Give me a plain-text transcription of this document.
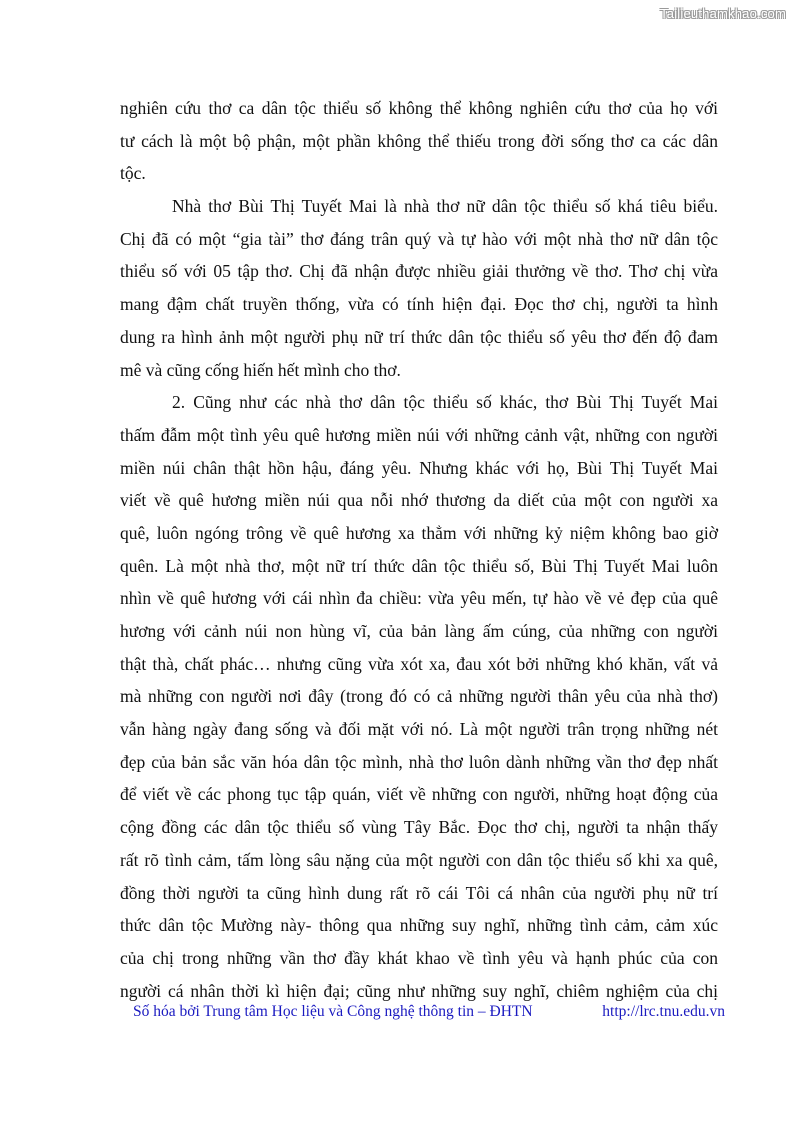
Tailieuthamkhao.com
nghiên cứu thơ ca dân tộc thiểu số không thể không nghiên cứu thơ của họ với
tư cách là một bộ phận, một phần không thể thiếu trong đời sống thơ ca các dân
tộc.
Nhà thơ Bùi Thị Tuyết Mai là nhà thơ nữ dân tộc thiểu số khá tiêu biểu.
Chị đã có một “gia tài” thơ đáng trân quý và tự hào với một nhà thơ nữ dân tộc
thiểu số với 05 tập thơ. Chị đã nhận được nhiều giải thưởng về thơ. Thơ chị vừa
mang đậm chất truyền thống, vừa có tính hiện đại. Đọc thơ chị, người ta hình
dung ra hình ảnh một người phụ nữ trí thức dân tộc thiểu số yêu thơ đến độ đam
mê và cũng cống hiến hết mình cho thơ.
2. Cũng như các nhà thơ dân tộc thiểu số khác, thơ Bùi Thị Tuyết Mai
thấm đẫm một tình yêu quê hương miền núi với những cảnh vật, những con người
miền núi chân thật hồn hậu, đáng yêu. Nhưng khác với họ, Bùi Thị Tuyết Mai
viết về quê hương miền núi qua nỗi nhớ thương da diết của một con người xa
quê, luôn ngóng trông về quê hương xa thẳm với những kỷ niệm không bao giờ
quên. Là một nhà thơ, một nữ trí thức dân tộc thiểu số, Bùi Thị Tuyết Mai luôn
nhìn về quê hương với cái nhìn đa chiều: vừa yêu mến, tự hào về vẻ đẹp của quê
hương với cảnh núi non hùng vĩ, của bản làng ấm cúng, của những con người
thật thà, chất phác… nhưng cũng vừa xót xa, đau xót bởi những khó khăn, vất vả
mà những con người nơi đây (trong đó có cả những người thân yêu của nhà thơ)
vẫn hàng ngày đang sống và đối mặt với nó. Là một người trân trọng những nét
đẹp của bản sắc văn hóa dân tộc mình, nhà thơ luôn dành những vần thơ đẹp nhất
để viết về các phong tục tập quán, viết về những con người, những hoạt động của
cộng đồng các dân tộc thiểu số vùng Tây Bắc. Đọc thơ chị, người ta nhận thấy
rất rõ tình cảm, tấm lòng sâu nặng của một người con dân tộc thiểu số khi xa quê,
đồng thời người ta cũng hình dung rất rõ cái Tôi cá nhân của người phụ nữ trí
thức dân tộc Mường này- thông qua những suy nghĩ, những tình cảm, cảm xúc
của chị trong những vần thơ đầy khát khao về tình yêu và hạnh phúc của con
người cá nhân thời kì hiện đại; cũng như những suy nghĩ, chiêm nghiệm của chị
Số hóa bởi Trung tâm Học liệu và Công nghệ thông tin – ĐHTN	http://lrc.tnu.edu.vn
